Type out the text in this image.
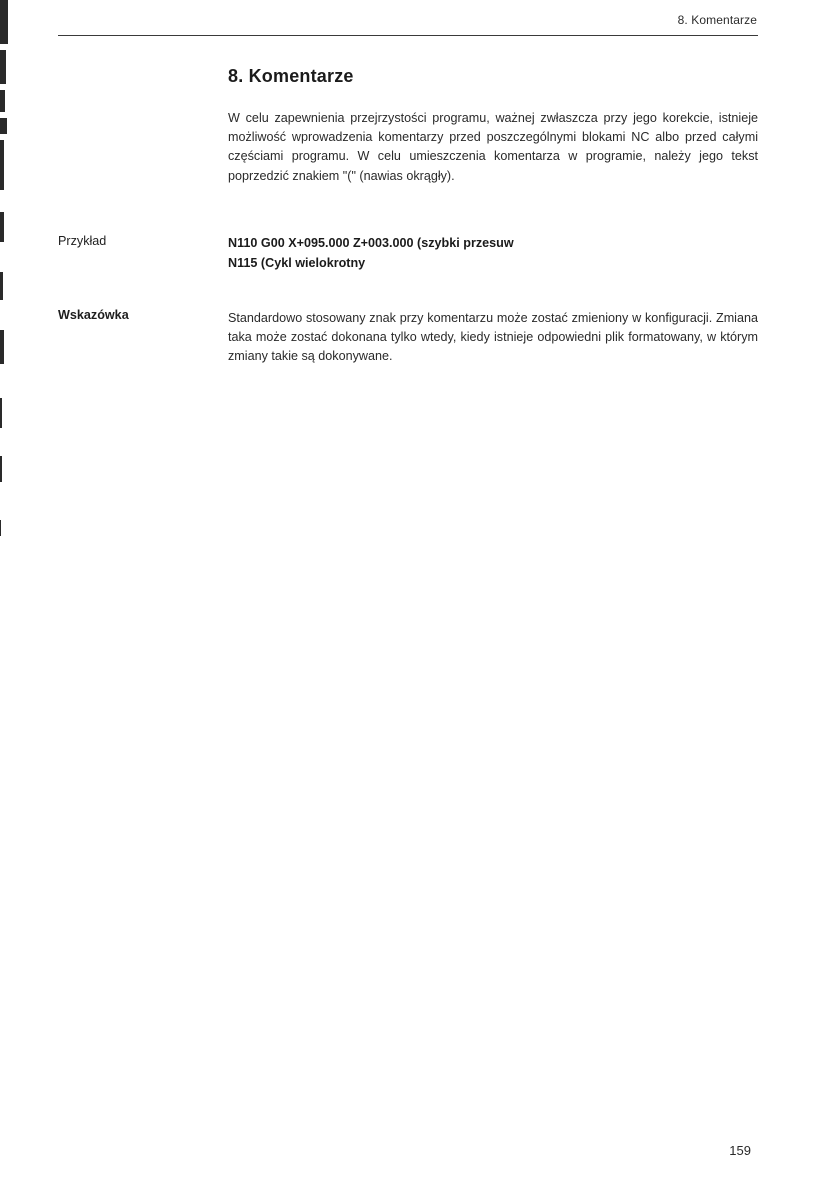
8. Komentarze
8. Komentarze

W celu zapewnienia przejrzystości programu, ważnej zwłaszcza przy jego korekcie, istnieje możliwość wprowadzenia komentarzy przed poszczególnymi blokami NC albo przed całymi częściami programu. W celu umieszczenia komentarza w programie, należy jego tekst poprzedzić znakiem "(" (nawias okrągły).

Przykład	N110 G00 X+095.000 Z+003.000 (szybki przesuw
N115 (Cykl wielokrotny
Wskazówka	Standardowo stosowany znak przy komentarzu może zostać zmieniony w konfiguracji. Zmiana taka może zostać dokonana tylko wtedy, kiedy istnieje odpowiedni plik formatowany, w którym zmiany takie są dokonywane.

159
